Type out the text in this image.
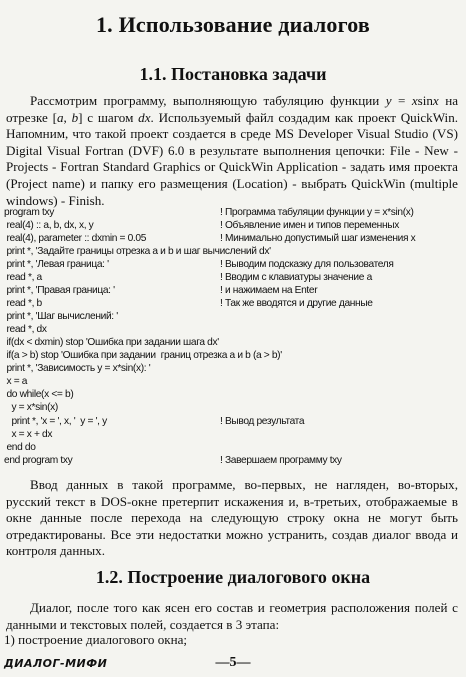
1. Использование диалогов
1.1. Постановка задачи
Рассмотрим программу, выполняющую табуляцию функции y = xsinx на отрезке [a, b] с шагом dx. Используемый файл создадим как проект QuickWin. Напомним, что такой проект создается в среде MS Developer Visual Studio (VS) Digital Visual Fortran (DVF) 6.0 в результате выполнения цепочки: File - New - Projects - Fortran Standard Graphics or QuickWin Application - задать имя проекта (Project name) и папку его размещения (Location) - выбрать QuickWin (multiple windows) - Finish.
program txy	! Программа табуляции функции y = x*sin(x)
real(4) :: a, b, dx, x, y	! Объявление имен и типов переменных
real(4), parameter :: dxmin = 0.05	! Минимально допустимый шаг изменения x
print *, 'Задайте границы отрезка a и b и шаг вычислений dx'
print *, 'Левая граница: '	! Выводим подсказку для пользователя
read *, a	! Вводим с клавиатуры значение a
print *, 'Правая граница: '	! и нажимаем на Enter
read *, b	! Так же вводятся и другие данные
print *, 'Шаг вычислений: '
read *, dx
if(dx < dxmin) stop 'Ошибка при задании шага dx'
if(a > b) stop 'Ошибка при задании  границ отрезка a и b (a > b)'
print *, 'Зависимость y = x*sin(x): '
x = a
do while(x <= b)
y = x*sin(x)
print *, 'x = ', x, '  y = ', y	! Вывод результата
x = x + dx
end do
end program txy	! Завершаем программу txy
Ввод данных в такой программе, во-первых, не нагляден, во-вторых, русский текст в DOS-окне претерпит искажения и, в-третьих, отображаемые в окне данные после перехода на следующую строку окна не могут быть отредактированы. Все эти недостатки можно устранить, создав диалог ввода и контроля данных.
1.2. Построение диалогового окна
Диалог, после того как ясен его состав и геометрия расположения полей с данными и текстовых полей, создается в 3 этапа:
1) построение диалогового окна;
ДИАЛОГ-МИФИ	—5—
